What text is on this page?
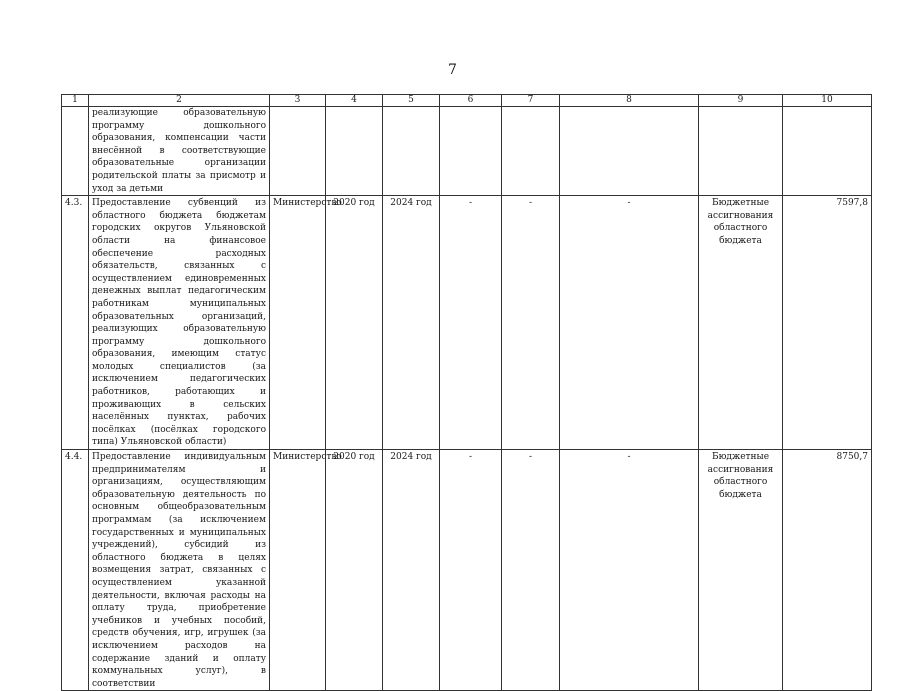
7
1	2	3	4	5	6	7	8	9	10
	реализующие образовательную программу дошкольного образования, компенсации части внесённой в соответствующие образовательные организации родительской платы за присмотр и уход за детьми								
4.3.	Предоставление субвенций из областного бюджета бюджетам городских округов Ульяновской области на финансовое обеспечение расходных обязательств, связанных с осуществлением единовременных денежных выплат педагогическим работникам муниципальных образовательных организаций, реализующих образовательную программу дошкольного образования, имеющим статус молодых специалистов (за исключением педагогических работников, работающих и проживающих в сельских населённых пунктах, рабочих посёлках (посёлках городского типа) Ульяновской области)	Министерство	2020 год	2024 год	-	-	-	Бюджетные ассигнования областного бюджета	7597,8
4.4.	Предоставление индивидуальным предпринимателям и организациям, осуществляющим образовательную деятельность по основным общеобразовательным программам (за исключением государственных и муниципальных учреждений), субсидий из областного бюджета в целях возмещения затрат, связанных с осуществлением указанной деятельности, включая расходы на оплату труда, приобретение учебников и учебных пособий, средств обучения, игр, игрушек (за исключением расходов на содержание зданий и оплату коммунальных услуг), в соответствии	Министерство	2020 год	2024 год	-	-	-	Бюджетные ассигнования областного бюджета	8750,7
